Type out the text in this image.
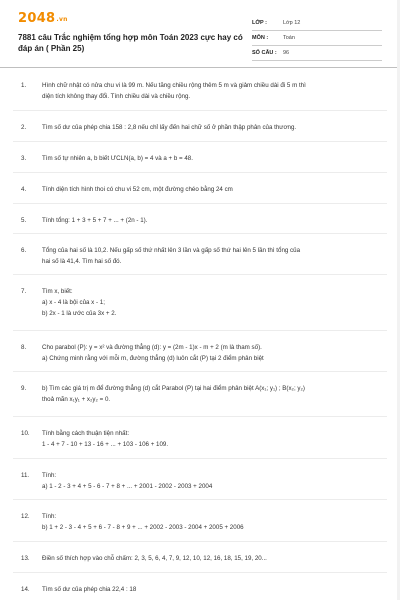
2048.vn
7881 câu Trắc nghiệm tổng hợp môn Toán 2023 cực hay có đáp án ( Phần 25)
LỚP :	Lớp 12
MÔN :	Toán
SỐ CÂU :	96
1.	Hình chữ nhật có nửa chu vi là 99 m. Nếu tăng chiều rộng thêm 5 m và giảm chiều dài đi 5 m thì
diện tích không thay đổi. Tính chiều dài và chiều rộng.
2.	Tìm số dư của phép chia 158 : 2,8 nếu chỉ lấy đến hai chữ số ở phần thập phân của thương.
3.	Tìm số tự nhiên a, b biết ƯCLN(a, b) = 4 và a + b = 48.
4.	Tính diện tích hình thoi có chu vi 52 cm, một đường chéo bằng 24 cm
5.	Tính tổng: 1 + 3 + 5 + 7 + ... + (2n - 1).
6.	Tổng của hai số là 10,2. Nếu gấp số thứ nhất lên 3 lần và gấp số thứ hai lên 5 lần thì tổng của
hai số là 41,4. Tìm hai số đó.
7.	Tìm x, biết:
a) x - 4 là bội của x - 1;
b) 2x - 1 là ước của 3x + 2.
8.	Cho parabol (P): y = x² và đường thẳng (d): y = (2m - 1)x - m + 2 (m là tham số).
a) Chứng minh rằng với mỗi m, đường thẳng (d) luôn cắt (P) tại 2 điểm phân biệt
9.	b) Tìm các giá trị m để đường thẳng (d) cắt Parabol (P) tại hai điểm phân biệt A(x₁; y₁) ; B(x₂; y₂)
thoả mãn x₁y₁ + x₂y₂ = 0.
10.	Tính bằng cách thuận tiện nhất:
1 - 4 + 7 - 10 + 13 - 16 + ... + 103 - 106 + 109.
11.	Tính:
a) 1 - 2 - 3 + 4 + 5 - 6 - 7 + 8 + ... + 2001 - 2002 - 2003 + 2004
12.	Tính:
b) 1 + 2 - 3 - 4 + 5 + 6 - 7 - 8 + 9 + ... + 2002 - 2003 - 2004 + 2005 + 2006
13.	Điền số thích hợp vào chỗ chấm: 2, 3, 5, 6, 4, 7, 9, 12, 10, 12, 16, 18, 15, 19, 20...
14.	Tìm số dư của phép chia 22,4 : 18
